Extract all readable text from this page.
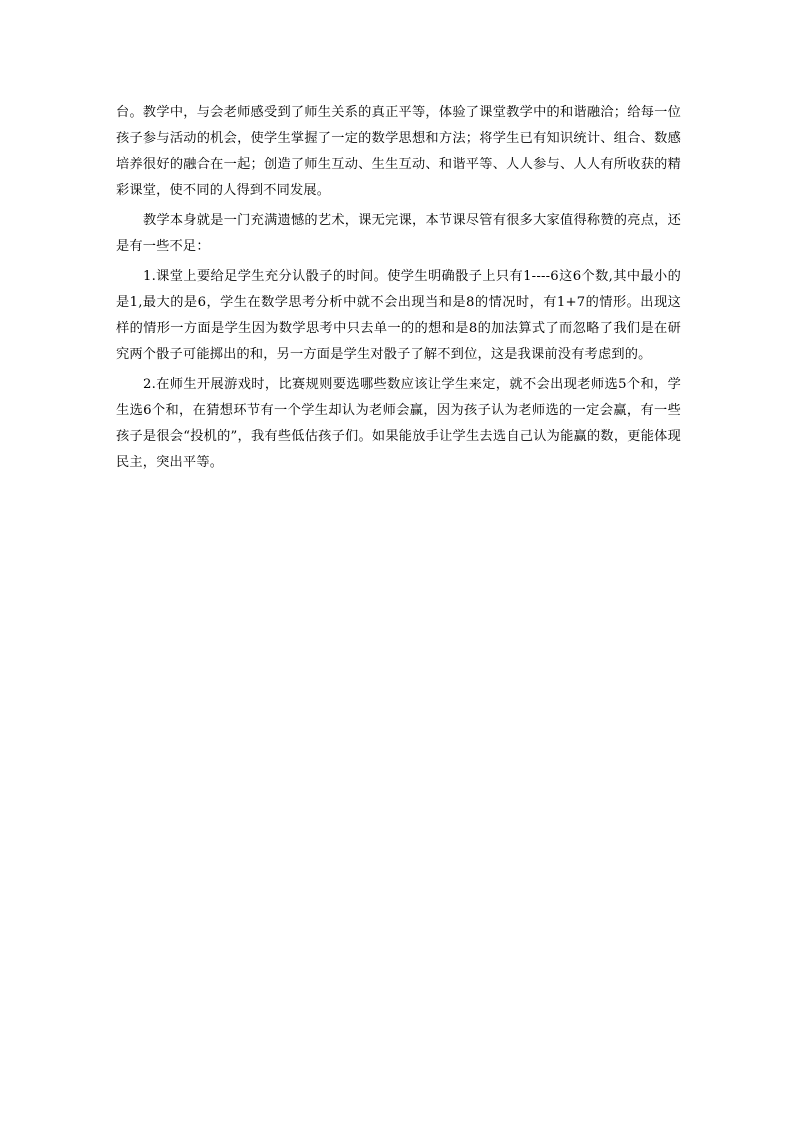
台。教学中，与会老师感受到了师生关系的真正平等，体验了课堂教学中的和谐融洽；给每一位孩子参与活动的机会，使学生掌握了一定的数学思想和方法；将学生已有知识统计、组合、数感培养很好的融合在一起；创造了师生互动、生生互动、和谐平等、人人参与、人人有所收获的精彩课堂，使不同的人得到不同发展。

教学本身就是一门充满遗憾的艺术，课无完课，本节课尽管有很多大家值得称赞的亮点，还是有一些不足：

1.课堂上要给足学生充分认骰子的时间。使学生明确骰子上只有1----6这6个数,其中最小的是1,最大的是6，学生在数学思考分析中就不会出现当和是8的情况时，有1+7的情形。出现这样的情形一方面是学生因为数学思考中只去单一的的想和是8的加法算式了而忽略了我们是在研究两个骰子可能掷出的和，另一方面是学生对骰子了解不到位，这是我课前没有考虑到的。

2.在师生开展游戏时，比赛规则要选哪些数应该让学生来定，就不会出现老师选5个和，学生选6个和，在猜想环节有一个学生却认为老师会赢，因为孩子认为老师选的一定会赢，有一些孩子是很会“投机的”，我有些低估孩子们。如果能放手让学生去选自己认为能赢的数，更能体现民主，突出平等。
